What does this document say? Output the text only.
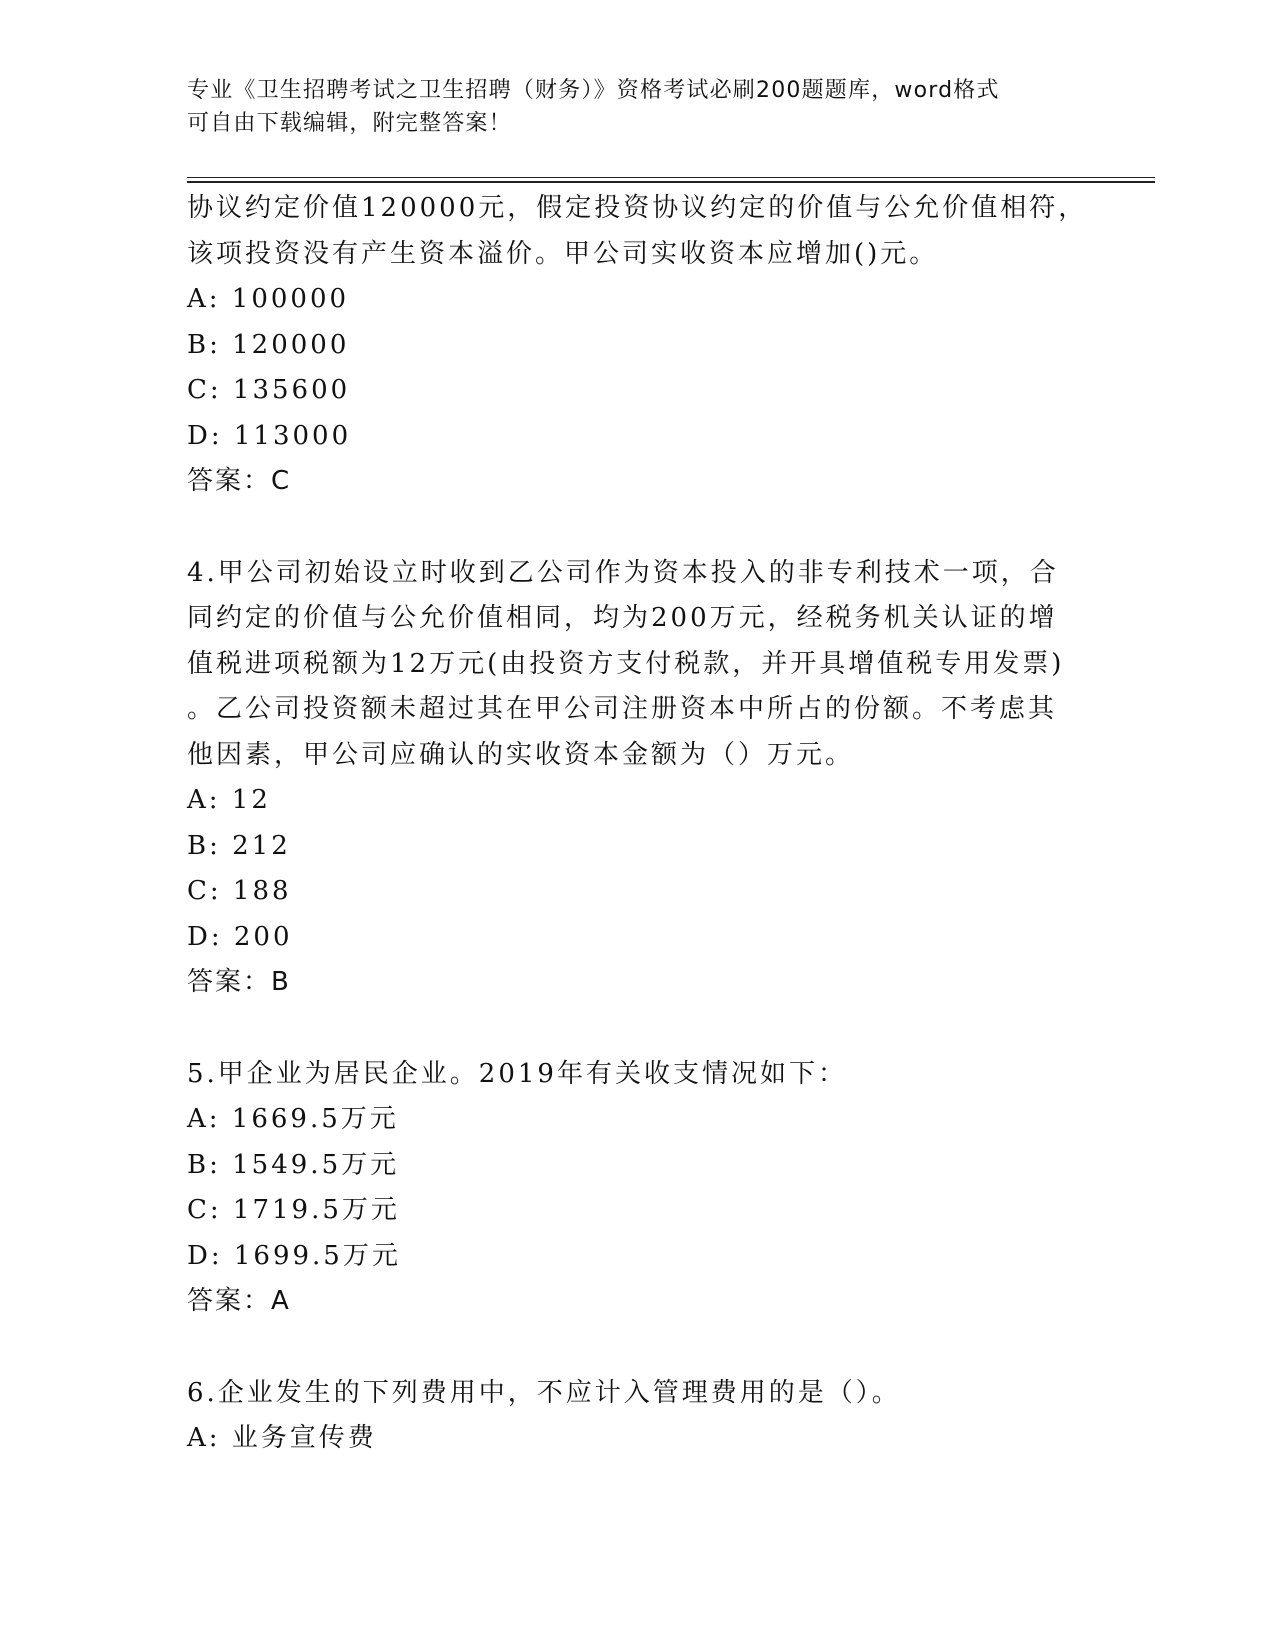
专业《卫生招聘考试之卫生招聘（财务）》资格考试必刷200题题库，word格式
可自由下载编辑，附完整答案！
协议约定价值120000元，假定投资协议约定的价值与公允价值相符，
该项投资没有产生资本溢价。甲公司实收资本应增加()元。
A: 100000
B: 120000
C: 135600
D: 113000
答案：C
4.甲公司初始设立时收到乙公司作为资本投入的非专利技术一项，合
同约定的价值与公允价值相同，均为200万元，经税务机关认证的增
值税进项税额为12万元(由投资方支付税款，并开具增值税专用发票)
。乙公司投资额未超过其在甲公司注册资本中所占的份额。不考虑其
他因素，甲公司应确认的实收资本金额为（）万元。
A: 12
B: 212
C: 188
D: 200
答案：B
5.甲企业为居民企业。2019年有关收支情况如下：
A: 1669.5万元
B: 1549.5万元
C: 1719.5万元
D: 1699.5万元
答案：A
6.企业发生的下列费用中，不应计入管理费用的是（）。
A: 业务宣传费
